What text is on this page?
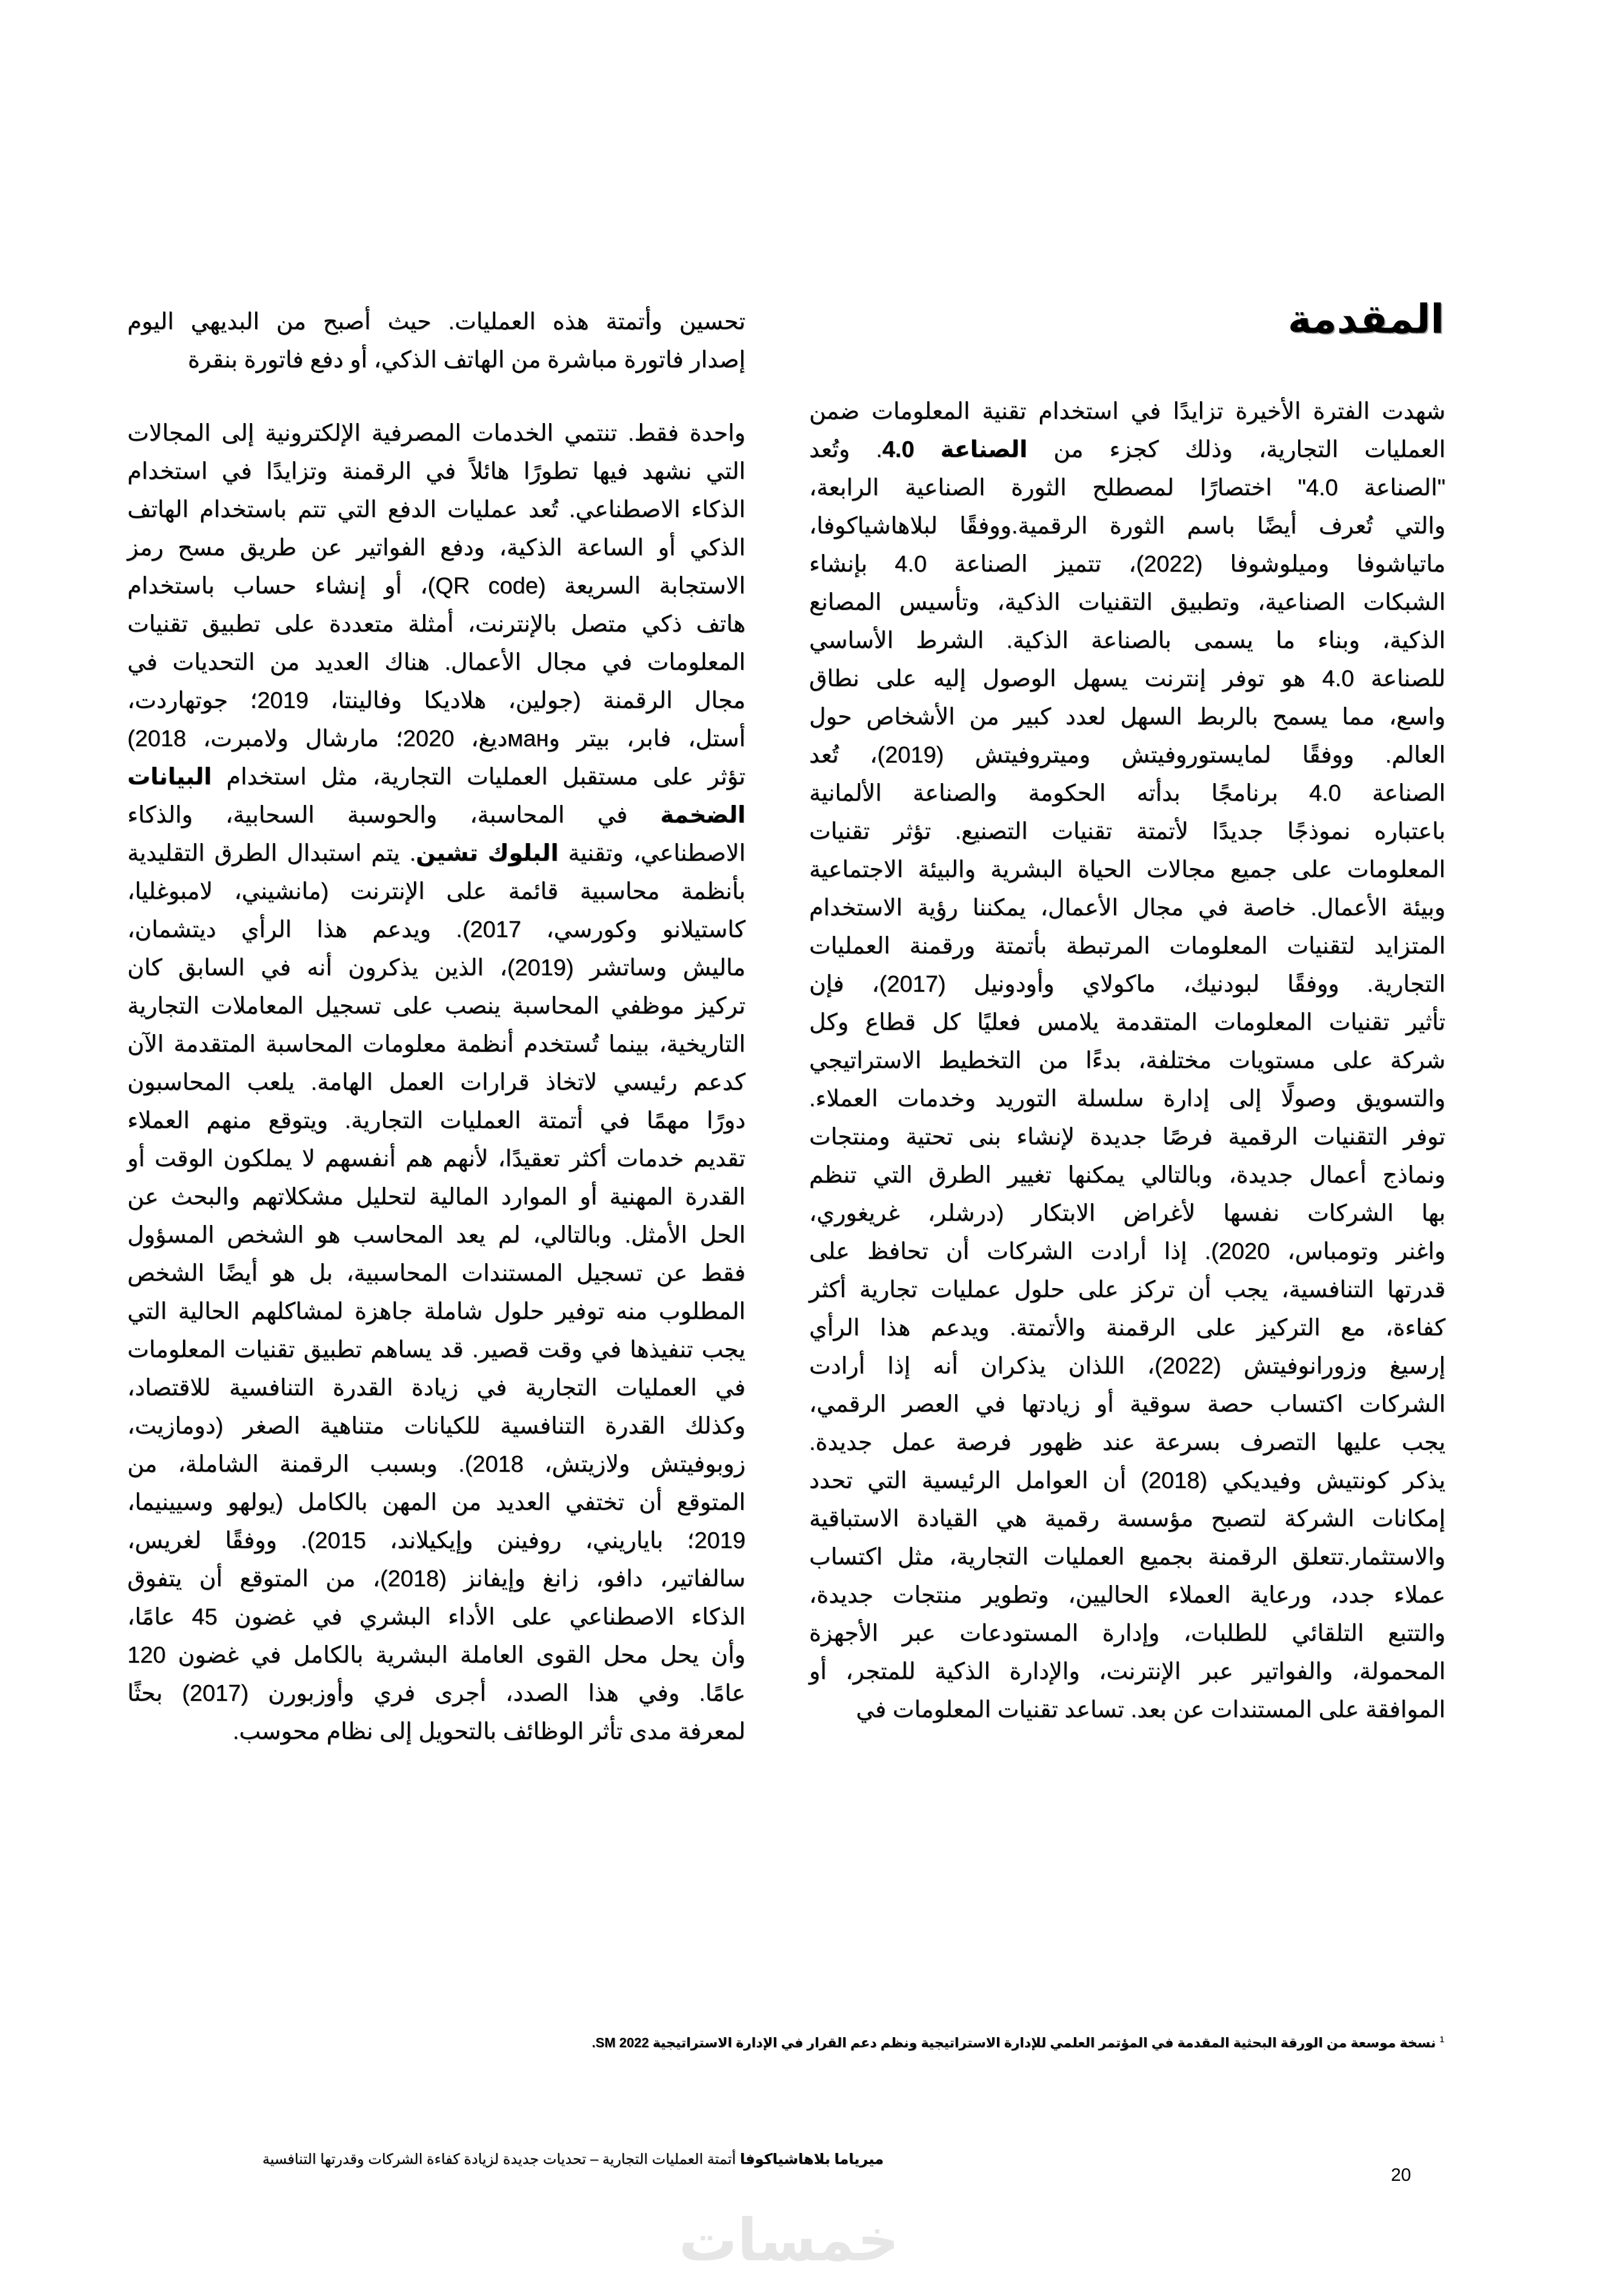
المقدمة
شهدت الفترة الأخيرة تزايدًا في استخدام تقنية المعلومات ضمن
العمليات التجارية، وذلك كجزء من الصناعة 4.0. وتُعد
"الصناعة 4.0" اختصارًا لمصطلح الثورة الصناعية الرابعة،
والتي تُعرف أيضًا باسم الثورة الرقمية.ووفقًا لبلاهاشياكوفا،
ماتياشوفا وميلوشوفا (2022)، تتميز الصناعة 4.0 بإنشاء
الشبكات الصناعية، وتطبيق التقنيات الذكية، وتأسيس المصانع
الذكية، وبناء ما يسمى بالصناعة الذكية. الشرط الأساسي
للصناعة 4.0 هو توفر إنترنت يسهل الوصول إليه على نطاق
واسع، مما يسمح بالربط السهل لعدد كبير من الأشخاص حول
العالم. ووفقًا لمايستوروفيتش وميتروفيتش (2019)، تُعد
الصناعة 4.0 برنامجًا بدأته الحكومة والصناعة الألمانية
باعتباره نموذجًا جديدًا لأتمتة تقنيات التصنيع. تؤثر تقنيات
المعلومات على جميع مجالات الحياة البشرية والبيئة الاجتماعية
وبيئة الأعمال. خاصة في مجال الأعمال، يمكننا رؤية الاستخدام
المتزايد لتقنيات المعلومات المرتبطة بأتمتة ورقمنة العمليات
التجارية. ووفقًا لبودنيك، ماكولاي وأودونيل (2017)، فإن
تأثير تقنيات المعلومات المتقدمة يلامس فعليًا كل قطاع وكل
شركة على مستويات مختلفة، بدءًا من التخطيط الاستراتيجي
والتسويق وصولًا إلى إدارة سلسلة التوريد وخدمات العملاء.
توفر التقنيات الرقمية فرصًا جديدة لإنشاء بنى تحتية ومنتجات
ونماذج أعمال جديدة، وبالتالي يمكنها تغيير الطرق التي تنظم
بها الشركات نفسها لأغراض الابتكار (درشلر، غريغوري،
واغنر وتومباس، 2020). إذا أرادت الشركات أن تحافظ على
قدرتها التنافسية، يجب أن تركز على حلول عمليات تجارية أكثر
كفاءة، مع التركيز على الرقمنة والأتمتة. ويدعم هذا الرأي
إرسيغ وزورانوفيتش (2022)، اللذان يذكران أنه إذا أرادت
الشركات اكتساب حصة سوقية أو زيادتها في العصر الرقمي،
يجب عليها التصرف بسرعة عند ظهور فرصة عمل جديدة.
يذكر كونتيش وفيديكي (2018) أن العوامل الرئيسية التي تحدد
إمكانات الشركة لتصبح مؤسسة رقمية هي القيادة الاستباقية
والاستثمار.تتعلق الرقمنة بجميع العمليات التجارية، مثل اكتساب
عملاء جدد، ورعاية العملاء الحاليين، وتطوير منتجات جديدة،
والتتبع التلقائي للطلبات، وإدارة المستودعات عبر الأجهزة
المحمولة، والفواتير عبر الإنترنت، والإدارة الذكية للمتجر، أو
الموافقة على المستندات عن بعد. تساعد تقنيات المعلومات في
تحسين وأتمتة هذه العمليات. حيث أصبح من البديهي اليوم
إصدار فاتورة مباشرة من الهاتف الذكي، أو دفع فاتورة بنقرة
واحدة فقط. تنتمي الخدمات المصرفية الإلكترونية إلى المجالات
التي نشهد فيها تطورًا هائلاً في الرقمنة وتزايدًا في استخدام
الذكاء الاصطناعي. تُعد عمليات الدفع التي تتم باستخدام الهاتف
الذكي أو الساعة الذكية، ودفع الفواتير عن طريق مسح رمز
الاستجابة السريعة (QR code)، أو إنشاء حساب باستخدام
هاتف ذكي متصل بالإنترنت، أمثلة متعددة على تطبيق تقنيات
المعلومات في مجال الأعمال. هناك العديد من التحديات في
مجال الرقمنة (جولين، هلاديكا وفالينتا، 2019؛ جوتهاردت،
أستل، فابر، بيتر وманديغ، 2020؛ مارشال ولامبرت، 2018)
تؤثر على مستقبل العمليات التجارية، مثل استخدام البيانات
الضخمة في المحاسبة، والحوسبة السحابية، والذكاء
الاصطناعي، وتقنية البلوك تشين. يتم استبدال الطرق التقليدية
بأنظمة محاسبية قائمة على الإنترنت (مانشيني، لامبوغليا،
كاستيلانو وكورسي، 2017). ويدعم هذا الرأي ديتشمان،
ماليش وساتشر (2019)، الذين يذكرون أنه في السابق كان
تركيز موظفي المحاسبة ينصب على تسجيل المعاملات التجارية
التاريخية، بينما تُستخدم أنظمة معلومات المحاسبة المتقدمة الآن
كدعم رئيسي لاتخاذ قرارات العمل الهامة. يلعب المحاسبون
دورًا مهمًا في أتمتة العمليات التجارية. ويتوقع منهم العملاء
تقديم خدمات أكثر تعقيدًا، لأنهم هم أنفسهم لا يملكون الوقت أو
القدرة المهنية أو الموارد المالية لتحليل مشكلاتهم والبحث عن
الحل الأمثل. وبالتالي، لم يعد المحاسب هو الشخص المسؤول
فقط عن تسجيل المستندات المحاسبية، بل هو أيضًا الشخص
المطلوب منه توفير حلول شاملة جاهزة لمشاكلهم الحالية التي
يجب تنفيذها في وقت قصير. قد يساهم تطبيق تقنيات المعلومات
في العمليات التجارية في زيادة القدرة التنافسية للاقتصاد،
وكذلك القدرة التنافسية للكيانات متناهية الصغر (دومازيت،
زوبوفيتش ولازيتش، 2018). وبسبب الرقمنة الشاملة، من
المتوقع أن تختفي العديد من المهن بالكامل (يولهو وسيينيما،
2019؛ باياريني، روفينن وإيكيلاند، 2015). ووفقًا لغريس،
سالفاتير، دافو، زانغ وإيفانز (2018)، من المتوقع أن يتفوق
الذكاء الاصطناعي على الأداء البشري في غضون 45 عامًا،
وأن يحل محل القوى العاملة البشرية بالكامل في غضون 120
عامًا. وفي هذا الصدد، أجرى فري وأوزبورن (2017) بحثًا
لمعرفة مدى تأثر الوظائف بالتحويل إلى نظام محوسب.
$^1$نسخة موسعة من الورقة البحثية المقدمة في المؤتمر العلمي للإدارة الاستراتيجية ونظم دعم القرار في الإدارة الاستراتيجية SM 2022.
ميرياما بلاهاشياكوفا أتمتة العمليات التجارية – تحديات جديدة لزيادة كفاءة الشركات وقدرتها التنافسية
20
خمسات
